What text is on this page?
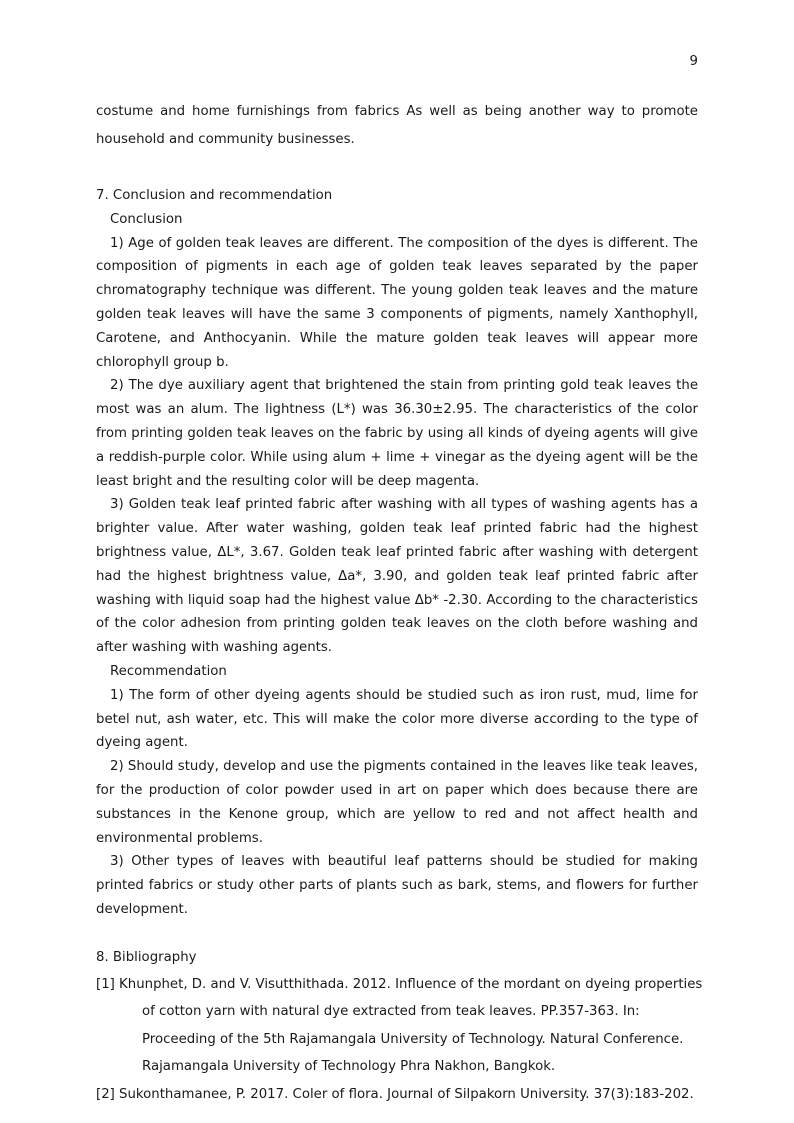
9

costume and home furnishings from fabrics As well as being another way to promote household and community businesses.

7. Conclusion and recommendation

Conclusion

1) Age of golden teak leaves are different. The composition of the dyes is different. The composition of pigments in each age of golden teak leaves separated by the paper chromatography technique was different. The young golden teak leaves and the mature golden teak leaves will have the same 3 components of pigments, namely Xanthophyll, Carotene, and Anthocyanin. While the mature golden teak leaves will appear more chlorophyll group b.

2) The dye auxiliary agent that brightened the stain from printing gold teak leaves the most was an alum. The lightness (L*) was 36.30±2.95. The characteristics of the color from printing golden teak leaves on the fabric by using all kinds of dyeing agents will give a reddish-purple color. While using alum + lime + vinegar as the dyeing agent will be the least bright and the resulting color will be deep magenta.

3) Golden teak leaf printed fabric after washing with all types of washing agents has a brighter value. After water washing, golden teak leaf printed fabric had the highest brightness value, ΔL*, 3.67. Golden teak leaf printed fabric after washing with detergent had the highest brightness value, Δa*, 3.90, and golden teak leaf printed fabric after washing with liquid soap had the highest value Δb* -2.30. According to the characteristics of the color adhesion from printing golden teak leaves on the cloth before washing and after washing with washing agents.

Recommendation

1) The form of other dyeing agents should be studied such as iron rust, mud, lime for betel nut, ash water, etc. This will make the color more diverse according to the type of dyeing agent.

2) Should study, develop and use the pigments contained in the leaves like teak leaves, for the production of color powder used in art on paper which does because there are substances in the Kenone group, which are yellow to red and not affect health and environmental problems.

3) Other types of leaves with beautiful leaf patterns should be studied for making printed fabrics or study other parts of plants such as bark, stems, and flowers for further development.

8. Bibliography

[1] Khunphet, D. and V. Visutthithada. 2012. Influence of the mordant on dyeing properties

of cotton yarn with natural dye extracted from teak leaves. PP.357-363. In:

Proceeding of the 5th Rajamangala University of Technology. Natural Conference.

Rajamangala University of Technology Phra Nakhon, Bangkok.

[2] Sukonthamanee, P. 2017. Coler of flora. Journal of Silpakorn University. 37(3):183-202.
